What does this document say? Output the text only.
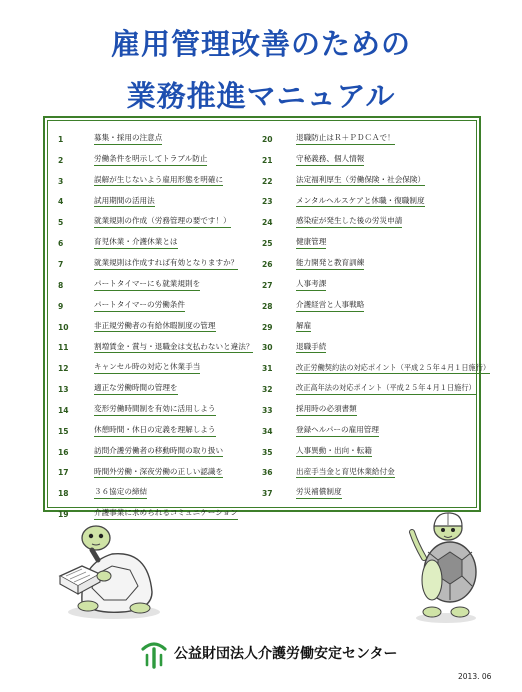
雇用管理改善のための
業務推進マニュアル
1	募集・採用の注意点
2	労働条件を明示してトラブル防止
3	誤解が生じないよう雇用形態を明確に
4	試用期間の活用法
5	就業規則の作成（労務管理の要です！）
6	育児休業・介護休業とは
7	就業規則は作成すれば有効となりますか？
8	パートタイマーにも就業規則を
9	パートタイマーの労働条件
10	非正規労働者の有給休暇制度の管理
11	割増賃金・賞与・退職金は支払わないと違法？
12	キャンセル時の対応と休業手当
13	適正な労働時間の管理を
14	変形労働時間制を有効に活用しよう
15	休憩時間・休日の定義を理解しよう
16	訪問介護労働者の移動時間の取り扱い
17	時間外労働・深夜労働の正しい認識を
18	３６協定の締結
19	介護事業に求められるコミュニケーション
20	退職防止はＲ＋ＰＤＣＡで！
21	守秘義務、個人情報
22	法定福利厚生（労働保険・社会保険）
23	メンタルヘルスケアと休職・復職制度
24	感染症が発生した後の労災申請
25	健康管理
26	能力開発と教育訓練
27	人事考課
28	介護経営と人事戦略
29	解雇
30	退職手続
31	改正労働契約法の対応ポイント（平成２５年４月１日施行）
32	改正高年法の対応ポイント（平成２５年４月１日施行）
33	採用時の必須書類
34	登録ヘルパーの雇用管理
35	人事異動・出向・転籍
36	出産手当金と育児休業給付金
37	労災補償制度
公益財団法人介護労働安定センター
2013. 06
